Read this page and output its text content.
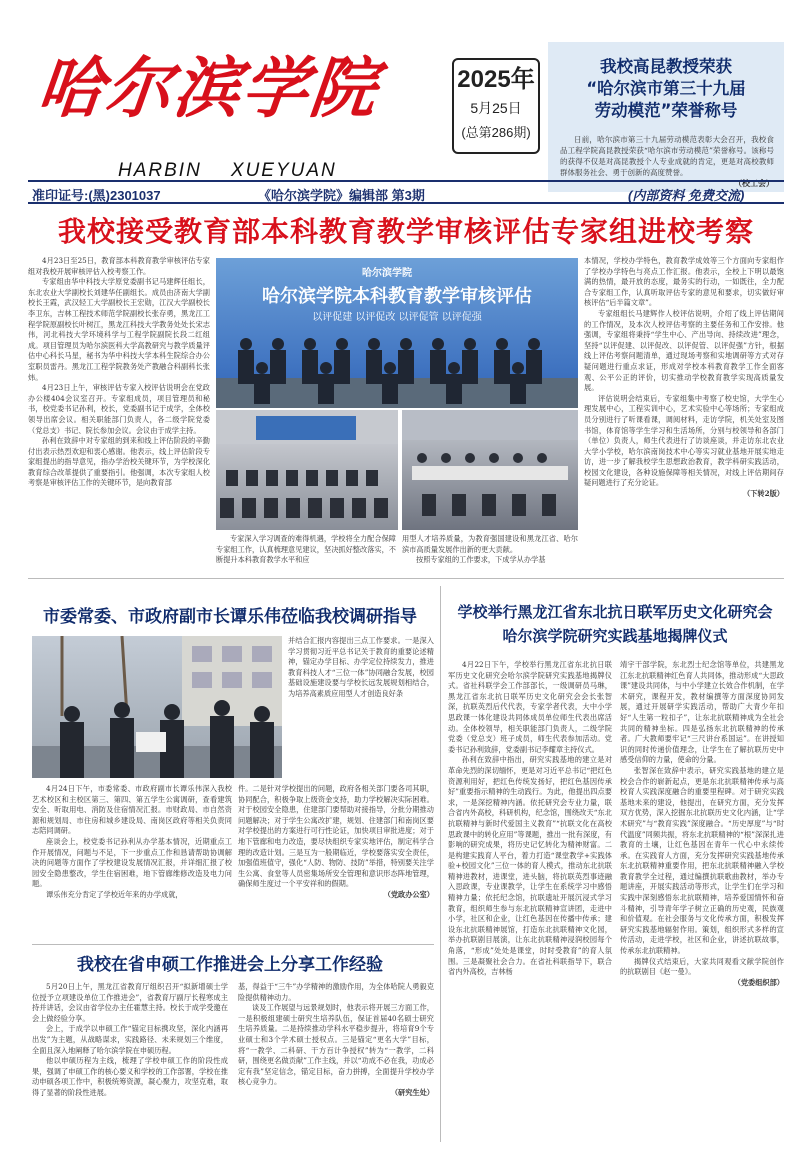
哈尔滨学院
HARBIN    XUEYUAN
2025年
5月25日
(总第286期)
我校高昆教授荣获
“哈尔滨市第三十九届
劳动模范”荣誉称号

日前，哈尔滨市第三十九届劳动模范表彰大会召开，我校食品工程学院高昆教授荣获“哈尔滨市劳动模范”荣誉称号。该称号的获得不仅是对高昆教授个人专业成就的肯定，更是对高校教师群体服务社会、勇于创新的高度赞誉。
（校工会）

准印证号:(黑)2301037	《哈尔滨学院》编辑部 第3期	(内部资料 免费交流)
我校接受教育部本科教育教学审核评估专家组进校考察

4月23日至25日，教育部本科教育教学审核评估专家组对我校开展审核评估入校考察工作。

专家组由华中科技大学原党委副书记马建辉任组长，东北农业大学副校长刘建华任副组长。成员由济南大学副校长王霞，武汉轻工大学副校长王宏勋，江汉大学副校长李卫东，吉林工程技术师范学院副校长张存勇，黑龙江工程学院原副校长叶树江，黑龙江科技大学教务处处长宋志伟，河北科技大学环境科学与工程学院副院长段二红组成。项目管理员为哈尔滨医科大学高教研究与教学质量评估中心科长马星，秘书为华中科技大学本科生院综合办公室职员雷丹。黑龙江工程学院教务处产教融合科副科长张炜。

4月23日上午，审核评估专家入校评估说明会在党政办公楼404会议室召开。专家组成员，项目管理员和秘书，校党委书记孙利，校长，党委副书记于成学，全体校领导出席会议。相关职能部门负责人，各二级学院党委（党总支）书记、院长参加会议。会议由于成学主持。

孙利在致辞中对专家组的到来和线上评估阶段的辛勤付出表示热烈欢迎和衷心感谢。他表示，线上评估阶段专家组提出的指导意见，指办学治校关键环节，为学校深化教育综合改革提供了重要指引。他强调，本次专家组人校考察是审核评估工作的关键环节，是向教育部

哈尔滨学院
哈尔滨学院本科教育教学审核评估
以评促建 以评促改 以评促管 以评促强

专家深入学习调查的难得机遇，学校将全力配合保障专家组工作，认真梳理意见建议，坚决抓好整改落实，不断提升本科教育教学水平和应

用型人才培养质量，为教育强国建设和黑龙江省、哈尔滨市高质量发展作出新的更大贡献。

按照专家组的工作要求，下成学从办学基

本情况，学校办学特色，教育教学成效等三个方面向专家组作了学校办学特色与亮点工作汇报。他表示，全校上下明以最饱满的热情，最开放的态度，最务实的行动，一如既往，全力配合专家组工作，认真听取评估专家的意见和要求，切实做好审核评估“后半篇文章”。

专家组组长马建辉作人校评估说明，介绍了线上评估期间的工作情况，及本次人校评估考察的主要任务和工作安排。他强调，专家组将秉持“学生中心、产出导向、持续改进”理念，坚持“以评促建、以评促改、以评促管、以评促强”方针，根据线上评估考察问题清单，通过现场考察和实地调研等方式对存疑问题进行重点求证，形成对学校本科教育教学工作全面客观、公平公正的评价，切实推动学校教育教学实现高质量发展。

评估说明会结束后，专家组集中考察了校史馆，大学生心理发展中心，工程实训中心，艺术实验中心等场所；专家组成员分别进行了听课看课，调阅材料，走访学院，机关处室及图书馆，体育馆等学生学习和生活场所，分别与校领导和各部门（单位）负责人，师生代表进行了访谈座谈，并走访东北农业大学小学校，哈尔滨南岗技术中心等实习就业基地开展实地走访，进一步了解我校学生思想政治教育，教学科研实践活动，校园文化建设，各种设施保障等相关情况，对线上评估期间存疑问题进行了充分论证。

（下转2版）
市委常委、市政府副市长谭乐伟莅临我校调研指导

并结合汇报内容提出三点工作要求。一是深入学习贯彻习近平总书记关于教育的重要论述精神，锚定办学目标、办学定位持续发力，推进教育科技人才“三位一体”协同融合发展，校园基础设施建设要与学校长远发展规划相结合，为培养高素质应用型人才创造良好条

4月24日下午，市委常委、市政府副市长谭乐伟深入我校艺术校区和主校区第三、第四、第五学生公寓调研，查看建筑安全、听取用电、消防及住宿情况汇报。市财政局、市自然资源和规划局、市住房和城乡建设局、南岗区政府等相关负责同志陪同调研。

座谈会上，校党委书记孙利从办学基本情况，近期重点工作开展情况，问题与不足，下一步重点工作和恳请帮助协调解决的问题等方面作了学校建设发展情况汇报，并详细汇报了校园安全隐患整改，学生住宿困难，地下管廊维修改造及电力问题。

谭乐伟充分肯定了学校近年来的办学成就，

件。二是针对学校提出的问题，政府各相关部门要各司其职，协同配合，积极争取上级资金支持，助力学校解决实际困难。对于校园安全隐患，住建部门要帮助对接指导，分批分期推动问题解决；对于学生公寓改扩建，规划、住建部门和南岗区要对学校提出的方案进行可行性论证，加快项目审批进度；对于地下管廊和电力改造，要尽快组织专家实地评估，制定科学合理的改造计划。三是互为一般期临近，学校要落实安全责任，加强值班值守，强化“人防、物防、技防”举措，特别要关注学生公寓、食堂等人员密集场所安全管理和意识形态阵地管理，确保师生度过一个平安祥和的假期。

（党政办公室）
我校在省申硕工作推进会上分享工作经验

5月20日上午，黑龙江省教育厅组织召开“拟新增硕士学位授予立项建设单位工作推进会”，省教育厅副厅长程寒成主持并讲话，会议由省学位办主任霍慧主持。校长于成学受邀在会上做经验分享。

会上，于成学以申硕工作“锚定目标携攻坚，深化内涵再出发”为主题，从战略谋求，实践路径、未来规划三个维度，全面且深入地阐释了哈尔滨学院在申硕历程。

他以申硕历程为主线，梳理了学校申硕工作的阶段性成果，强调了申硕工作的核心要义和学校的工作部署，学校在推动申硕各项工作中，积极统筹资源，凝心聚力，攻坚克难，取得了显著的阶段性进展。

基，得益于“三牛”办学精神的激励作用，为全体哈院人勇毅克险提供精神动力。

谈及工作展望与远景规划时，他表示将开展三方面工作，一是积极组建硕士研究生培养队伍，保证首届40名硕士研究生培养质量。二是持续推动学科水平稳步提升，将培育9个专业硕士和3个学术硕士授权点。三是锚定“更名大学”目标，将“一教学、二科研、干方百计争授权”转为“一教学，二科研，围绕更名做贡献”工作主线，并以“功成不必在我，功成必定有我”坚定信念，锚定目标，奋力拼搏，全面提升学校办学核心竞争力。

（研究生处）
学校举行黑龙江省东北抗日联军历史文化研究会
哈尔滨学院研究实践基地揭牌仪式

4月22日下午，学校举行黑龙江省东北抗日联军历史文化研究会哈尔滨学院研究实践基地揭牌仪式。省社科联学会工作部部长，一级调研员马琳，黑龙江省东北抗日联军历史文化研究会会长张智深，抗联英烈后代代表，专家学者代表，大中小学思政课一体化建设共同体成员单位师生代表出席活动。全体校领导，相关职能部门负责人，二级学院党委（党总支）班子成员，师生代表参加活动。党委书记孙利致辞，党委副书记李耀章主持仪式。

孙利在致辞中指出，研究实践基地的建立是对革命先烈的深切缅怀，更是对习近平总书记“把红色资源利用好，把红色传统发扬好，把红色基因传承好”重要指示精神的生动践行。为此，他提出四点要求，一是深挖精神内涵。依托研究会专业力量，联合省内外高校，科研机构，纪念馆，围绕改天“东北抗联精神与新时代爱国主义教育”“抗联文化在高校思政课中的转化应用”等课题，推出一批有深度，有影响的研究成果，将历史记忆转化为精神财富。二是构建实践育人平台，着力打造“课堂教学+实践体验+校园文化”三位一体的育人模式，推动东北抗联精神进教材，进课堂，进头脑，将抗联英烈事迹融入思政课，专业课教学，让学生在系统学习中感悟精神力量；依托纪念馆，抗联遗址开展沉浸式学习教育，组织师生参与东北抗联精神宣讲团，走进中小学，社区和企业，让红色基因在传播中传承；建设东北抗联精神展馆，打造东北抗联精神文化园，举办抗联剧目展演，让东北抗联精神浸润校园每个角落，“形成”处处是课堂，时时受教育”的育人氛围。三是凝聚社会合力。在省社科联指导下，联合省内外高校，吉林杨

靖宇干部学院，东北烈士纪念馆等单位，共建黑龙江东北抗联精神红色育人共同体，推动形成“大思政课”建设共同体，与中小学建立长效合作机制，在学术研究，课程开发，教材编撰等方面深度协同发展，通过开展研学实践活动，帮助广大青少年扣好“人生第一粒扣子”，让东北抗联精神成为全社会共同的精神坐标。四是弘扬东北抗联精神的传承者。广大教师要牢记“三尺讲台系国运”。在讲授知识的同时传递价值理念，让学生在了解抗联历史中感受信仰的力量，使命的分量。

张智深在致辞中表示，研究实践基地的建立是校会合作的崭新起点，更是东北抗联精神传承与高校育人实践深度融合的重要里程碑。对于研究实践基地未来的建设，他提出，在研究方面，充分发挥双方优势，深入挖掘东北抗联历史文化内涵，让“学术研究”与“教育实践”深度融合。“历史厚度”与“时代温度”同频共振，将东北抗联精神的“根”深深扎进教育的土壤，让红色基因在青年一代心中永续传承。在实践育人方面，充分发挥研究实践基地传承东北抗联精神重要作用，把东北抗联精神融入学校教育教学全过程，通过编撰抗联歌曲教材，举办专题讲座，开展实践活动等形式，让学生们在学习和实践中深刻感悟东北抗联精神，培养爱国情怀和奋斗精神，引导青年学子树立正确的历史观，民族观和价值观。在社会服务与文化传承方面，积极发挥研究实践基地辐射作用。策划，组织形式多样的宣传活动，走进学校，社区和企业，讲述抗联故事，传承东北抗联精神。

揭牌仪式结束后，大家共同观看文献学院创作的抗联剧目《赵一曼》。

（党委组织部）
